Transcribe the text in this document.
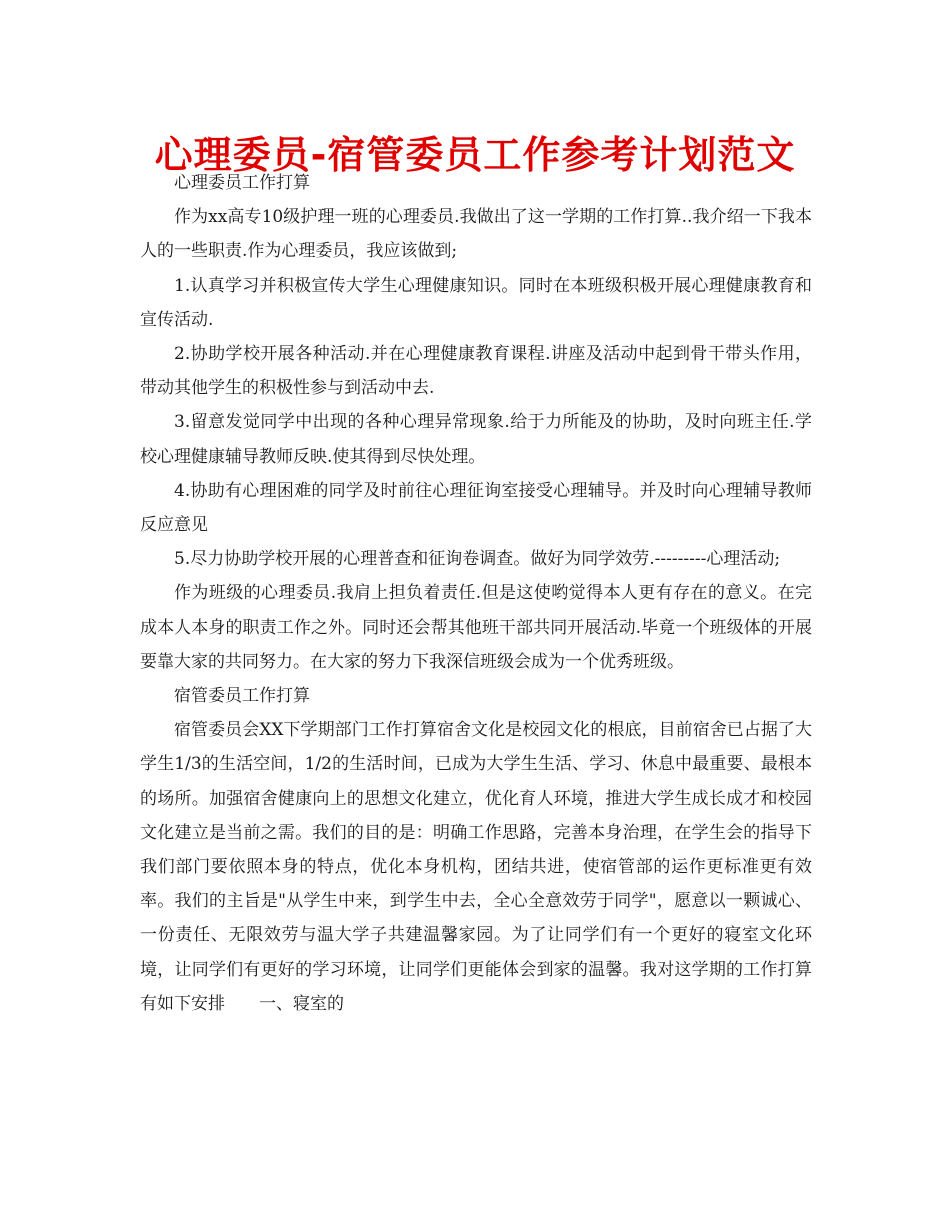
心理委员-宿管委员工作参考计划范文

心理委员工作打算

作为xx高专10级护理一班的心理委员.我做出了这一学期的工作打算..我介绍一下我本人的一些职责.作为心理委员，我应该做到;

1.认真学习并积极宣传大学生心理健康知识。同时在本班级积极开展心理健康教育和宣传活动.

2.协助学校开展各种活动.并在心理健康教育课程.讲座及活动中起到骨干带头作用，带动其他学生的积极性参与到活动中去.

3.留意发觉同学中出现的各种心理异常现象.给于力所能及的协助，及时向班主任.学校心理健康辅导教师反映.使其得到尽快处理。

4.协助有心理困难的同学及时前往心理征询室接受心理辅导。并及时向心理辅导教师反应意见

5.尽力协助学校开展的心理普查和征询卷调查。做好为同学效劳.---------心理活动;

作为班级的心理委员.我肩上担负着责任.但是这使哟觉得本人更有存在的意义。在完成本人本身的职责工作之外。同时还会帮其他班干部共同开展活动.毕竟一个班级体的开展要靠大家的共同努力。在大家的努力下我深信班级会成为一个优秀班级。

宿管委员工作打算

宿管委员会XX下学期部门工作打算宿舍文化是校园文化的根底，目前宿舍已占据了大学生1/3的生活空间，1/2的生活时间，已成为大学生生活、学习、休息中最重要、最根本的场所。加强宿舍健康向上的思想文化建立，优化育人环境，推进大学生成长成才和校园文化建立是当前之需。我们的目的是：明确工作思路，完善本身治理，在学生会的指导下我们部门要依照本身的特点，优化本身机构，团结共进，使宿管部的运作更标准更有效率。我们的主旨是"从学生中来，到学生中去，全心全意效劳于同学"，愿意以一颗诚心、一份责任、无限效劳与温大学子共建温馨家园。为了让同学们有一个更好的寝室文化环境，让同学们有更好的学习环境，让同学们更能体会到家的温馨。我对这学期的工作打算有如下安排　　一、寝室的
